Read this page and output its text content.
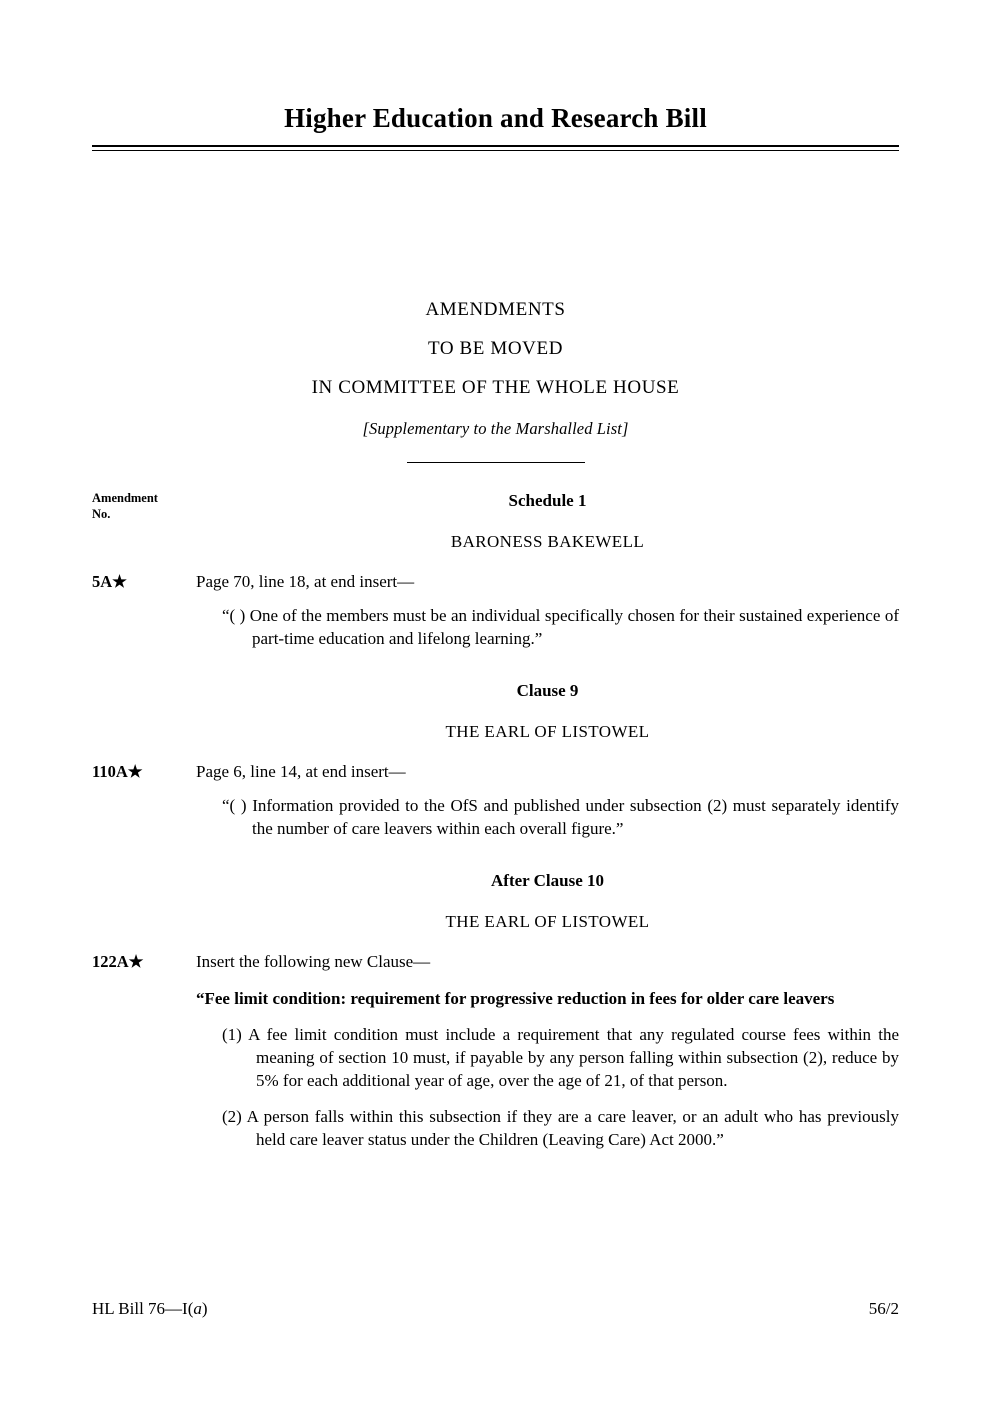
Higher Education and Research Bill
AMENDMENTS
TO BE MOVED
IN COMMITTEE OF THE WHOLE HOUSE
[Supplementary to the Marshalled List]
Amendment
No.
Schedule 1
BARONESS BAKEWELL
5A★	Page 70, line 18, at end insert—
“( ) One of the members must be an individual specifically chosen for their sustained experience of part-time education and lifelong learning.”
Clause 9
THE EARL OF LISTOWEL
110A★	Page 6, line 14, at end insert—
“( ) Information provided to the OfS and published under subsection (2) must separately identify the number of care leavers within each overall figure.”
After Clause 10
THE EARL OF LISTOWEL
122A★	Insert the following new Clause—
“Fee limit condition: requirement for progressive reduction in fees for older care leavers
(1) A fee limit condition must include a requirement that any regulated course fees within the meaning of section 10 must, if payable by any person falling within subsection (2), reduce by 5% for each additional year of age, over the age of 21, of that person.
(2) A person falls within this subsection if they are a care leaver, or an adult who has previously held care leaver status under the Children (Leaving Care) Act 2000.”
HL Bill 76—I(a)	56/2
